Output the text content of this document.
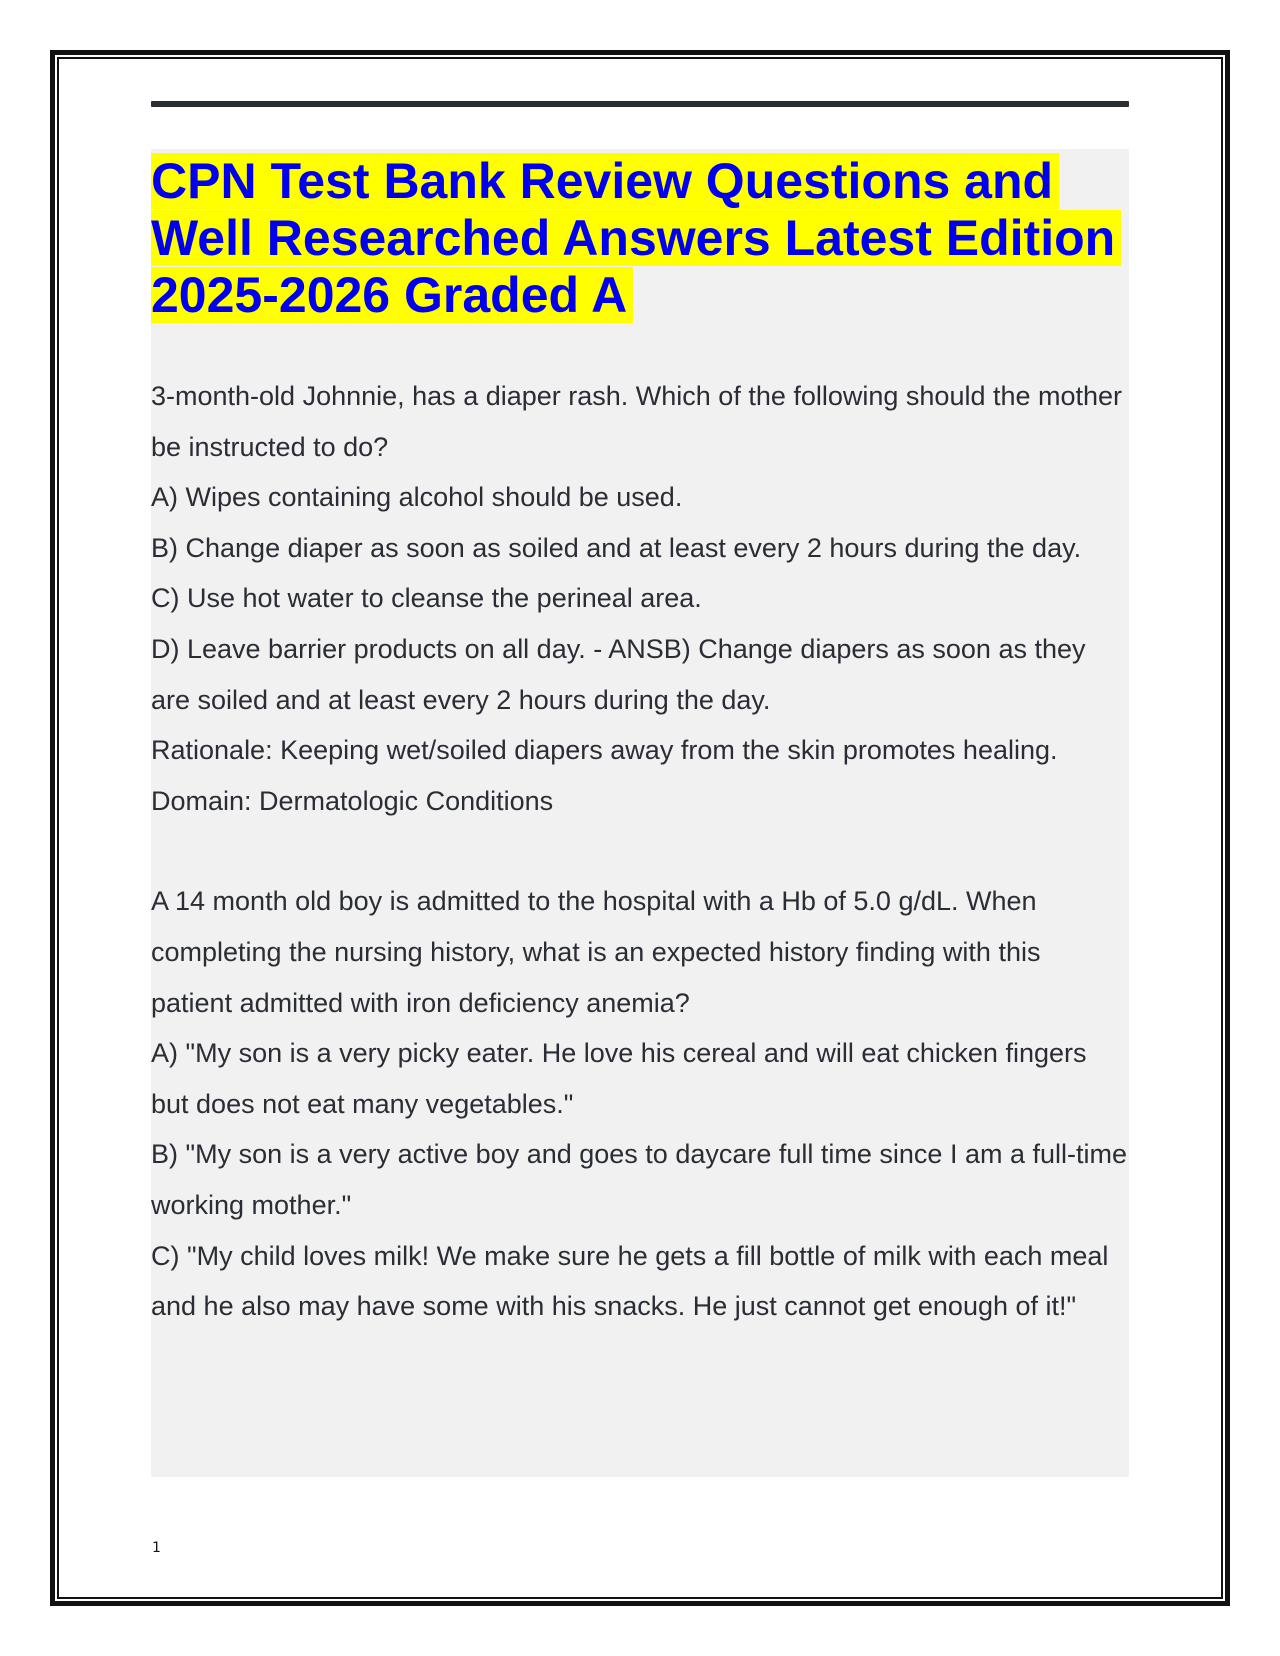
CPN Test Bank Review Questions and Well Researched Answers Latest Edition 2025-2026 Graded A

3-month-old Johnnie, has a diaper rash. Which of the following should the mother be instructed to do?

A) Wipes containing alcohol should be used.

B) Change diaper as soon as soiled and at least every 2 hours during the day.

C) Use hot water to cleanse the perineal area.

D) Leave barrier products on all day. - ANSB) Change diapers as soon as they are soiled and at least every 2 hours during the day.

Rationale: Keeping wet/soiled diapers away from the skin promotes healing.

Domain: Dermatologic Conditions

A 14 month old boy is admitted to the hospital with a Hb of 5.0 g/dL. When completing the nursing history, what is an expected history finding with this patient admitted with iron deficiency anemia?

A) "My son is a very picky eater. He love his cereal and will eat chicken fingers but does not eat many vegetables."

B) "My son is a very active boy and goes to daycare full time since I am a full-time working mother."

C) "My child loves milk! We make sure he gets a fill bottle of milk with each meal and he also may have some with his snacks. He just cannot get enough of it!"

1
